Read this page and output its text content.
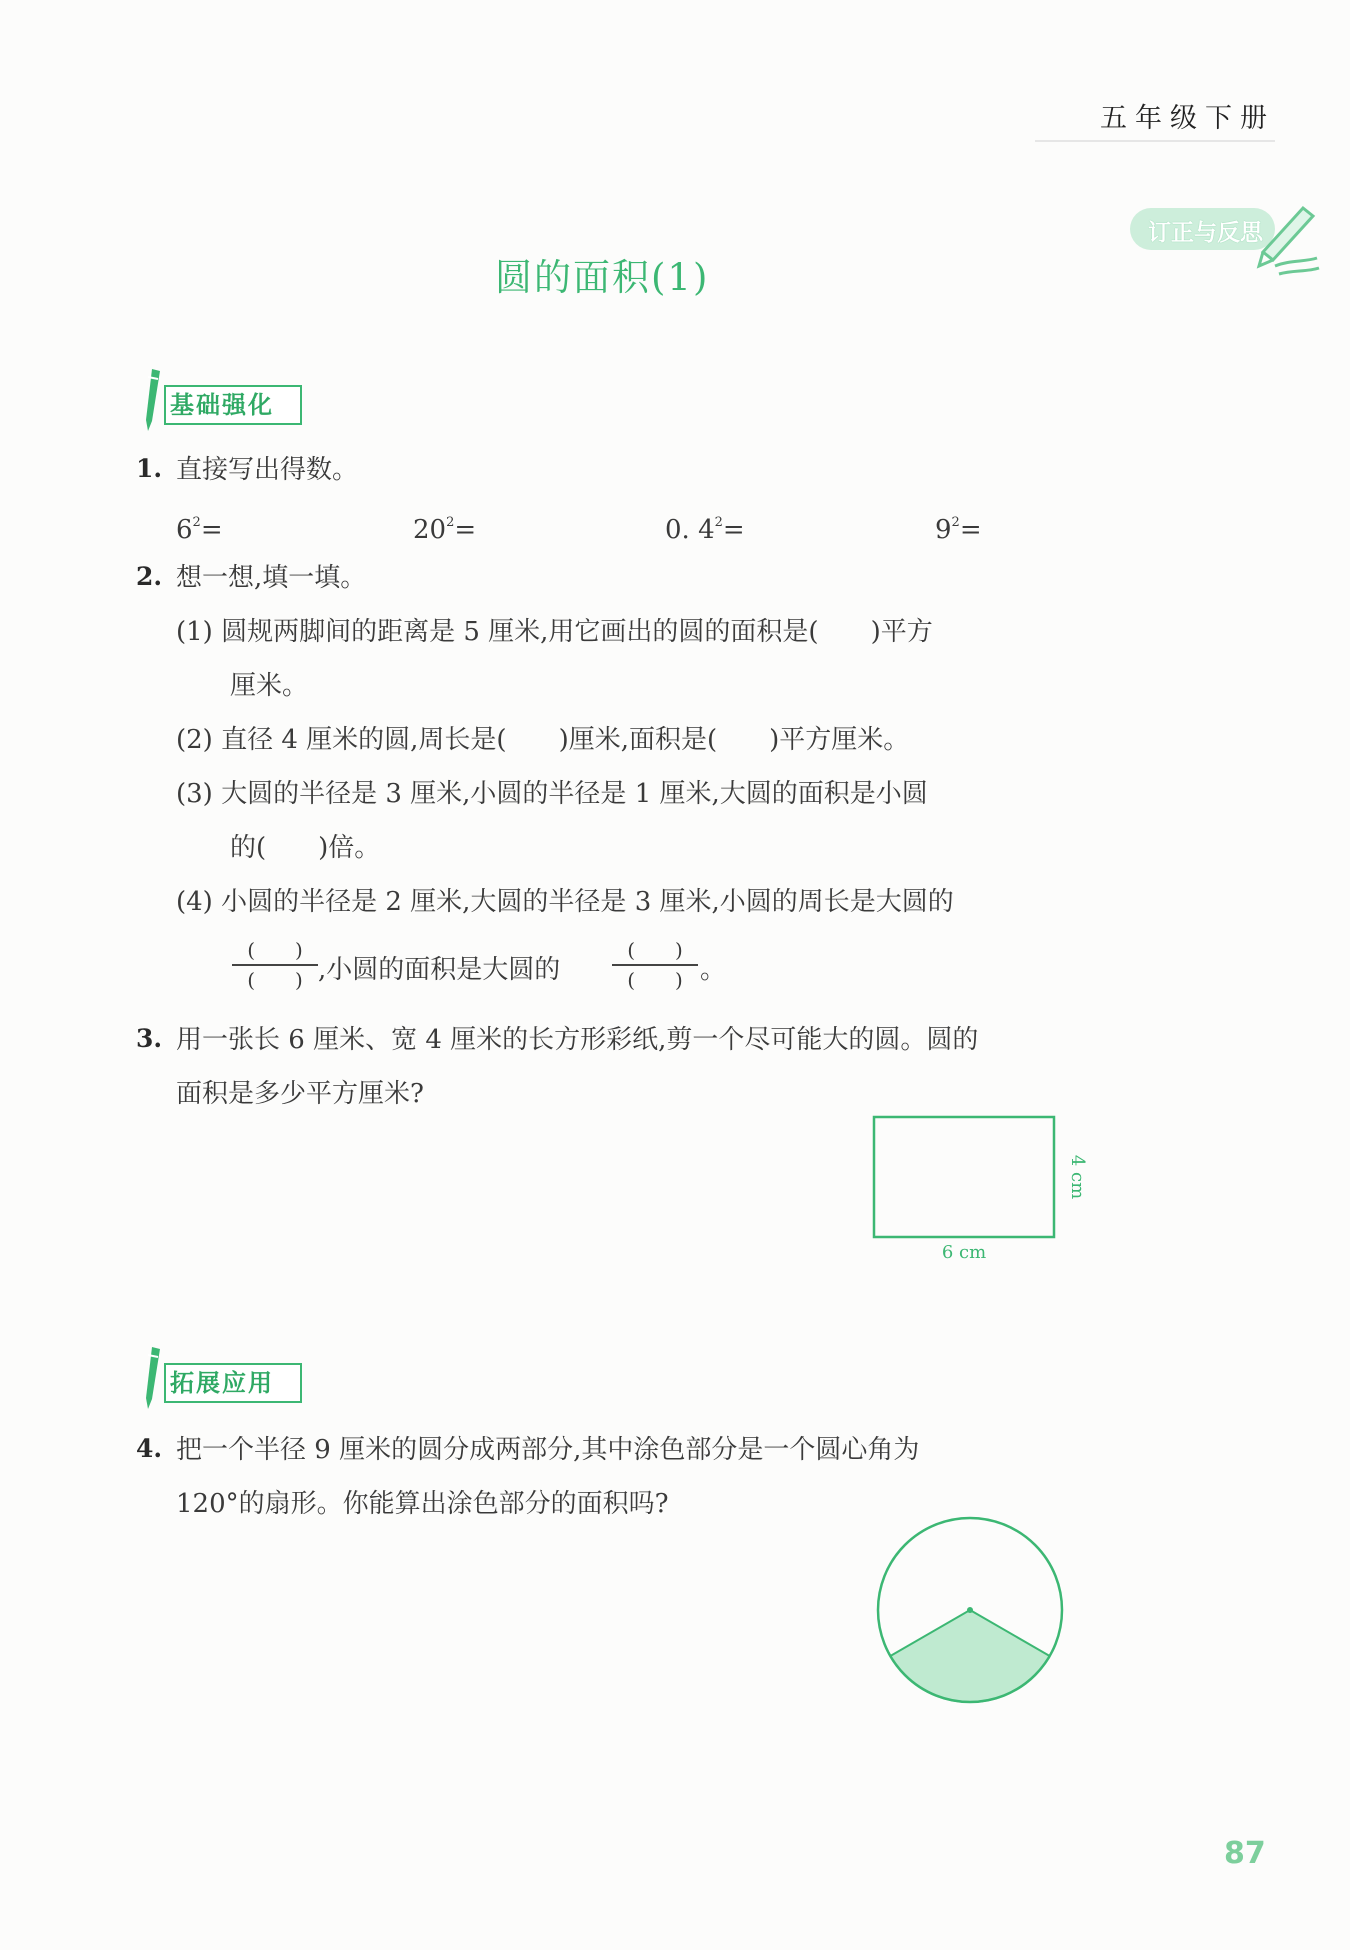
五年级下册
订正与反思
圆的面积(1)
基础强化
1. 直接写出得数。
$6^2=$	$20^2=$	0. $4^2=$	$9^2=$
2. 想一想,填一填。
(1) 圆规两脚间的距离是 5 厘米,用它画出的圆的面积是(　　)平方
厘米。
(2) 直径 4 厘米的圆,周长是(　　)厘米,面积是(　　)平方厘米。
(3) 大圆的半径是 3 厘米,小圆的半径是 1 厘米,大圆的面积是小圆
的(　　)倍。
(4) 小圆的半径是 2 厘米,大圆的半径是 3 厘米,小圆的周长是大圆的
(　　)
(　　) ,小圆的面积是大圆的
(　　)
(　　) 。
3. 用一张长 6 厘米、宽 4 厘米的长方形彩纸,剪一个尽可能大的圆。圆的
面积是多少平方厘米?
6 cm
4 cm
拓展应用
4. 把一个半径 9 厘米的圆分成两部分,其中涂色部分是一个圆心角为
120°的扇形。你能算出涂色部分的面积吗?
87
